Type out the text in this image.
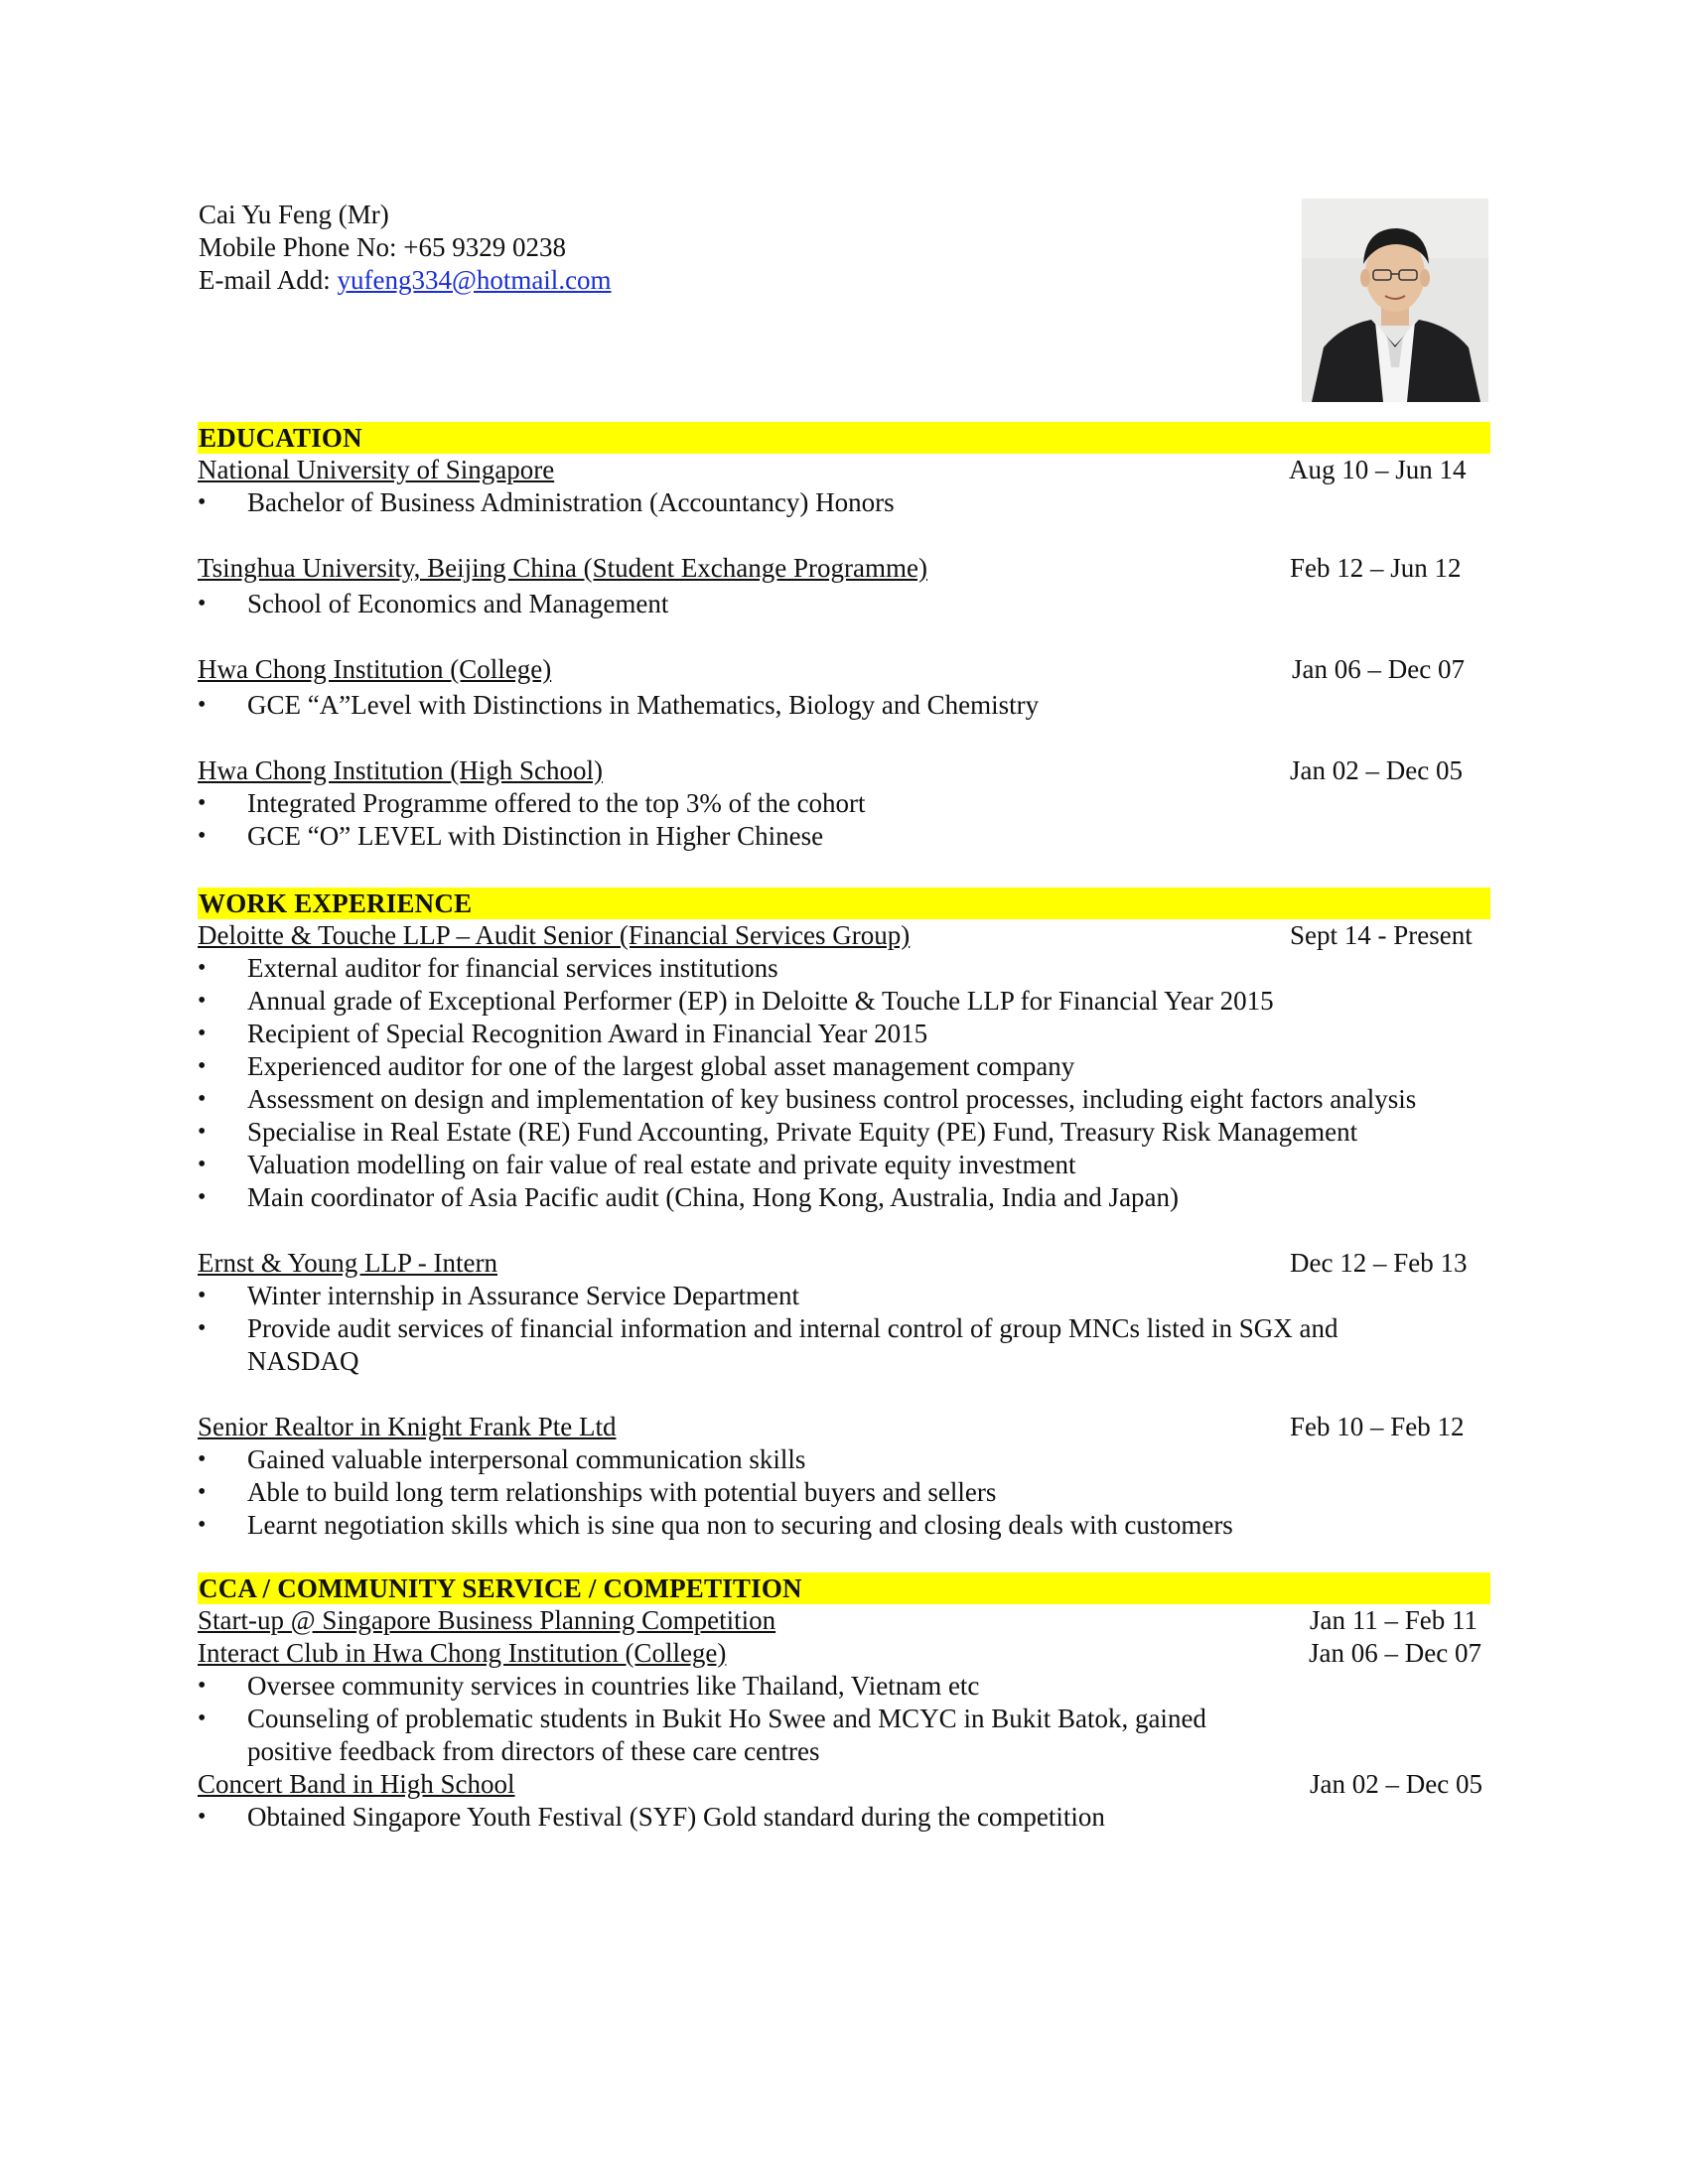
Cai Yu Feng (Mr)
Mobile Phone No: +65 9329 0238
E-mail Add: yufeng334@hotmail.com
EDUCATION
National University of Singapore	Aug 10 – Jun 14
• Bachelor of Business Administration (Accountancy) Honors
Tsinghua University, Beijing China (Student Exchange Programme)	Feb 12 – Jun 12
• School of Economics and Management
Hwa Chong Institution (College)	Jan 06 – Dec 07
• GCE “A”Level with Distinctions in Mathematics, Biology and Chemistry
Hwa Chong Institution (High School)	Jan 02 – Dec 05
• Integrated Programme offered to the top 3% of the cohort
• GCE “O” LEVEL with Distinction in Higher Chinese
WORK EXPERIENCE
Deloitte & Touche LLP – Audit Senior (Financial Services Group)	Sept 14 - Present
• External auditor for financial services institutions
• Annual grade of Exceptional Performer (EP) in Deloitte & Touche LLP for Financial Year 2015
• Recipient of Special Recognition Award in Financial Year 2015
• Experienced auditor for one of the largest global asset management company
• Assessment on design and implementation of key business control processes, including eight factors analysis
• Specialise in Real Estate (RE) Fund Accounting, Private Equity (PE) Fund, Treasury Risk Management
• Valuation modelling on fair value of real estate and private equity investment
• Main coordinator of Asia Pacific audit (China, Hong Kong, Australia, India and Japan)
Ernst & Young LLP - Intern	Dec 12 – Feb 13
• Winter internship in Assurance Service Department
• Provide audit services of financial information and internal control of group MNCs listed in SGX and NASDAQ
Senior Realtor in Knight Frank Pte Ltd	Feb 10 – Feb 12
• Gained valuable interpersonal communication skills
• Able to build long term relationships with potential buyers and sellers
• Learnt negotiation skills which is sine qua non to securing and closing deals with customers
CCA / COMMUNITY SERVICE / COMPETITION
Start-up @ Singapore Business Planning Competition	Jan 11 – Feb 11
Interact Club in Hwa Chong Institution (College)	Jan 06 – Dec 07
• Oversee community services in countries like Thailand, Vietnam etc
• Counseling of problematic students in Bukit Ho Swee and MCYC in Bukit Batok, gained positive feedback from directors of these care centres
Concert Band in High School	Jan 02 – Dec 05
• Obtained Singapore Youth Festival (SYF) Gold standard during the competition
